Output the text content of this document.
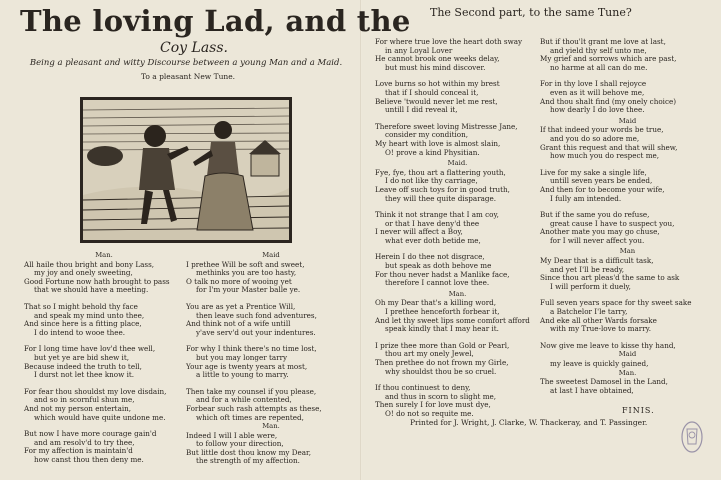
The loving Lad, and the
Coy Lass.
Being a pleasant and witty Discourse between a young Man and a Maid.
To a pleasant New Tune.
Man.
All haile thou bright and bony Lass,
my joy and onely sweeting,
Good Fortune now hath brought to pass
that we should have a meeting.
That so I might behold thy face
and speak my mind unto thee,
And since here is a fitting place,
I do intend to wooe thee.
For I long time have lov'd thee well,
but yet ye are bid shew it,
Because indeed the truth to tell,
I durst not let thee know it.
For fear thou shouldst my love disdain,
and so in scornful shun me,
And not my person entertain,
which would have quite undone me.
But now I have more courage gain'd
and am resolv'd to try thee,
For my affection is maintain'd
how canst thou then deny me.
Maid
I prethee Will be soft and sweet,
methinks you are too hasty,
O talk no more of wooing yet
for I'm your Master balle ye.
You are as yet a Prentice Will,
then leave such fond adventures,
And think not of a wife untill
y'ave serv'd out your indentures.
For why I think there's no time lost,
but you may longer tarry
Your age is twenty years at most,
a little to young to marry.
Then take my counsel if you please,
and for a while contented,
Forbear such rash attempts as these,
which oft times are repented,
Man.
Indeed I will I able were,
to follow your direction,
But little dost thou know my Dear,
the strength of my affection.
The Second part, to the same Tune?
For where true love the heart doth sway
in any Loyal Lover
He cannot brook one weeks delay,
but must his mind discover.
Love burns so hot within my brest
that if I should conceal it,
Believe 'twould never let me rest,
untill I did reveal it,
Therefore sweet loving Mistresse Jane,
consider my condition,
My heart with love is almost slain,
O! prove a kind Physitian.
Maid.
Fye, fye, thou art a flattering youth,
I do not like thy carriage,
Leave off such toys for in good truth,
they will thee quite disparage.
Think it not strange that I am coy,
or that I have deny'd thee
I never will affect a Boy,
what ever doth betide me,
Herein I do thee not disgrace,
but speak as doth behove me
For thou never hadst a Manlike face,
therefore I cannot love thee.
Man.
Oh my Dear that's a killing word,
I prethee henceforth forbear it,
And let thy sweet lips some comfort afford
speak kindly that I may hear it.
I prize thee more than Gold or Pearl,
thou art my onely Jewel,
Then prethee do not frown my Girle,
why shouldst thou be so cruel.
If thou continuest to deny,
and thus in scorn to slight me,
Then surely I for love must dye,
O! do not so requite me.
But if thou'lt grant me love at last,
and yield thy self unto me,
My grief and sorrows which are past,
no harme at all can do me.
For in thy love I shall rejoyce
even as it will behove me,
And thou shalt find (my onely choice)
how dearly I do love thee.
Maid
If that indeed your words be true,
and you do so adore me,
Grant this request and that will shew,
how much you do respect me,
Live for my sake a single life,
untill seven years be ended,
And then for to become your wife,
I fully am intended.
But if the same you do refuse,
great cause I have to suspect you,
Another mate you may go chuse,
for I will never affect you.
Man
My Dear that is a difficult task,
and yet I'll be ready,
Since thou art pleas'd the same to ask
I will perform it duely,
Full seven years space for thy sweet sake
a Batchelor I'le tarry,
And eke all other Wards forsake
with my True-love to marry.
Now give me leave to kisse thy hand,
Maid
my leave is quickly gained,
Man.
The sweetest Damosel in the Land,
at last I have obtained,
FINIS.
Printed for J. Wright, J. Clarke, W. Thackeray, and T. Passinger.
